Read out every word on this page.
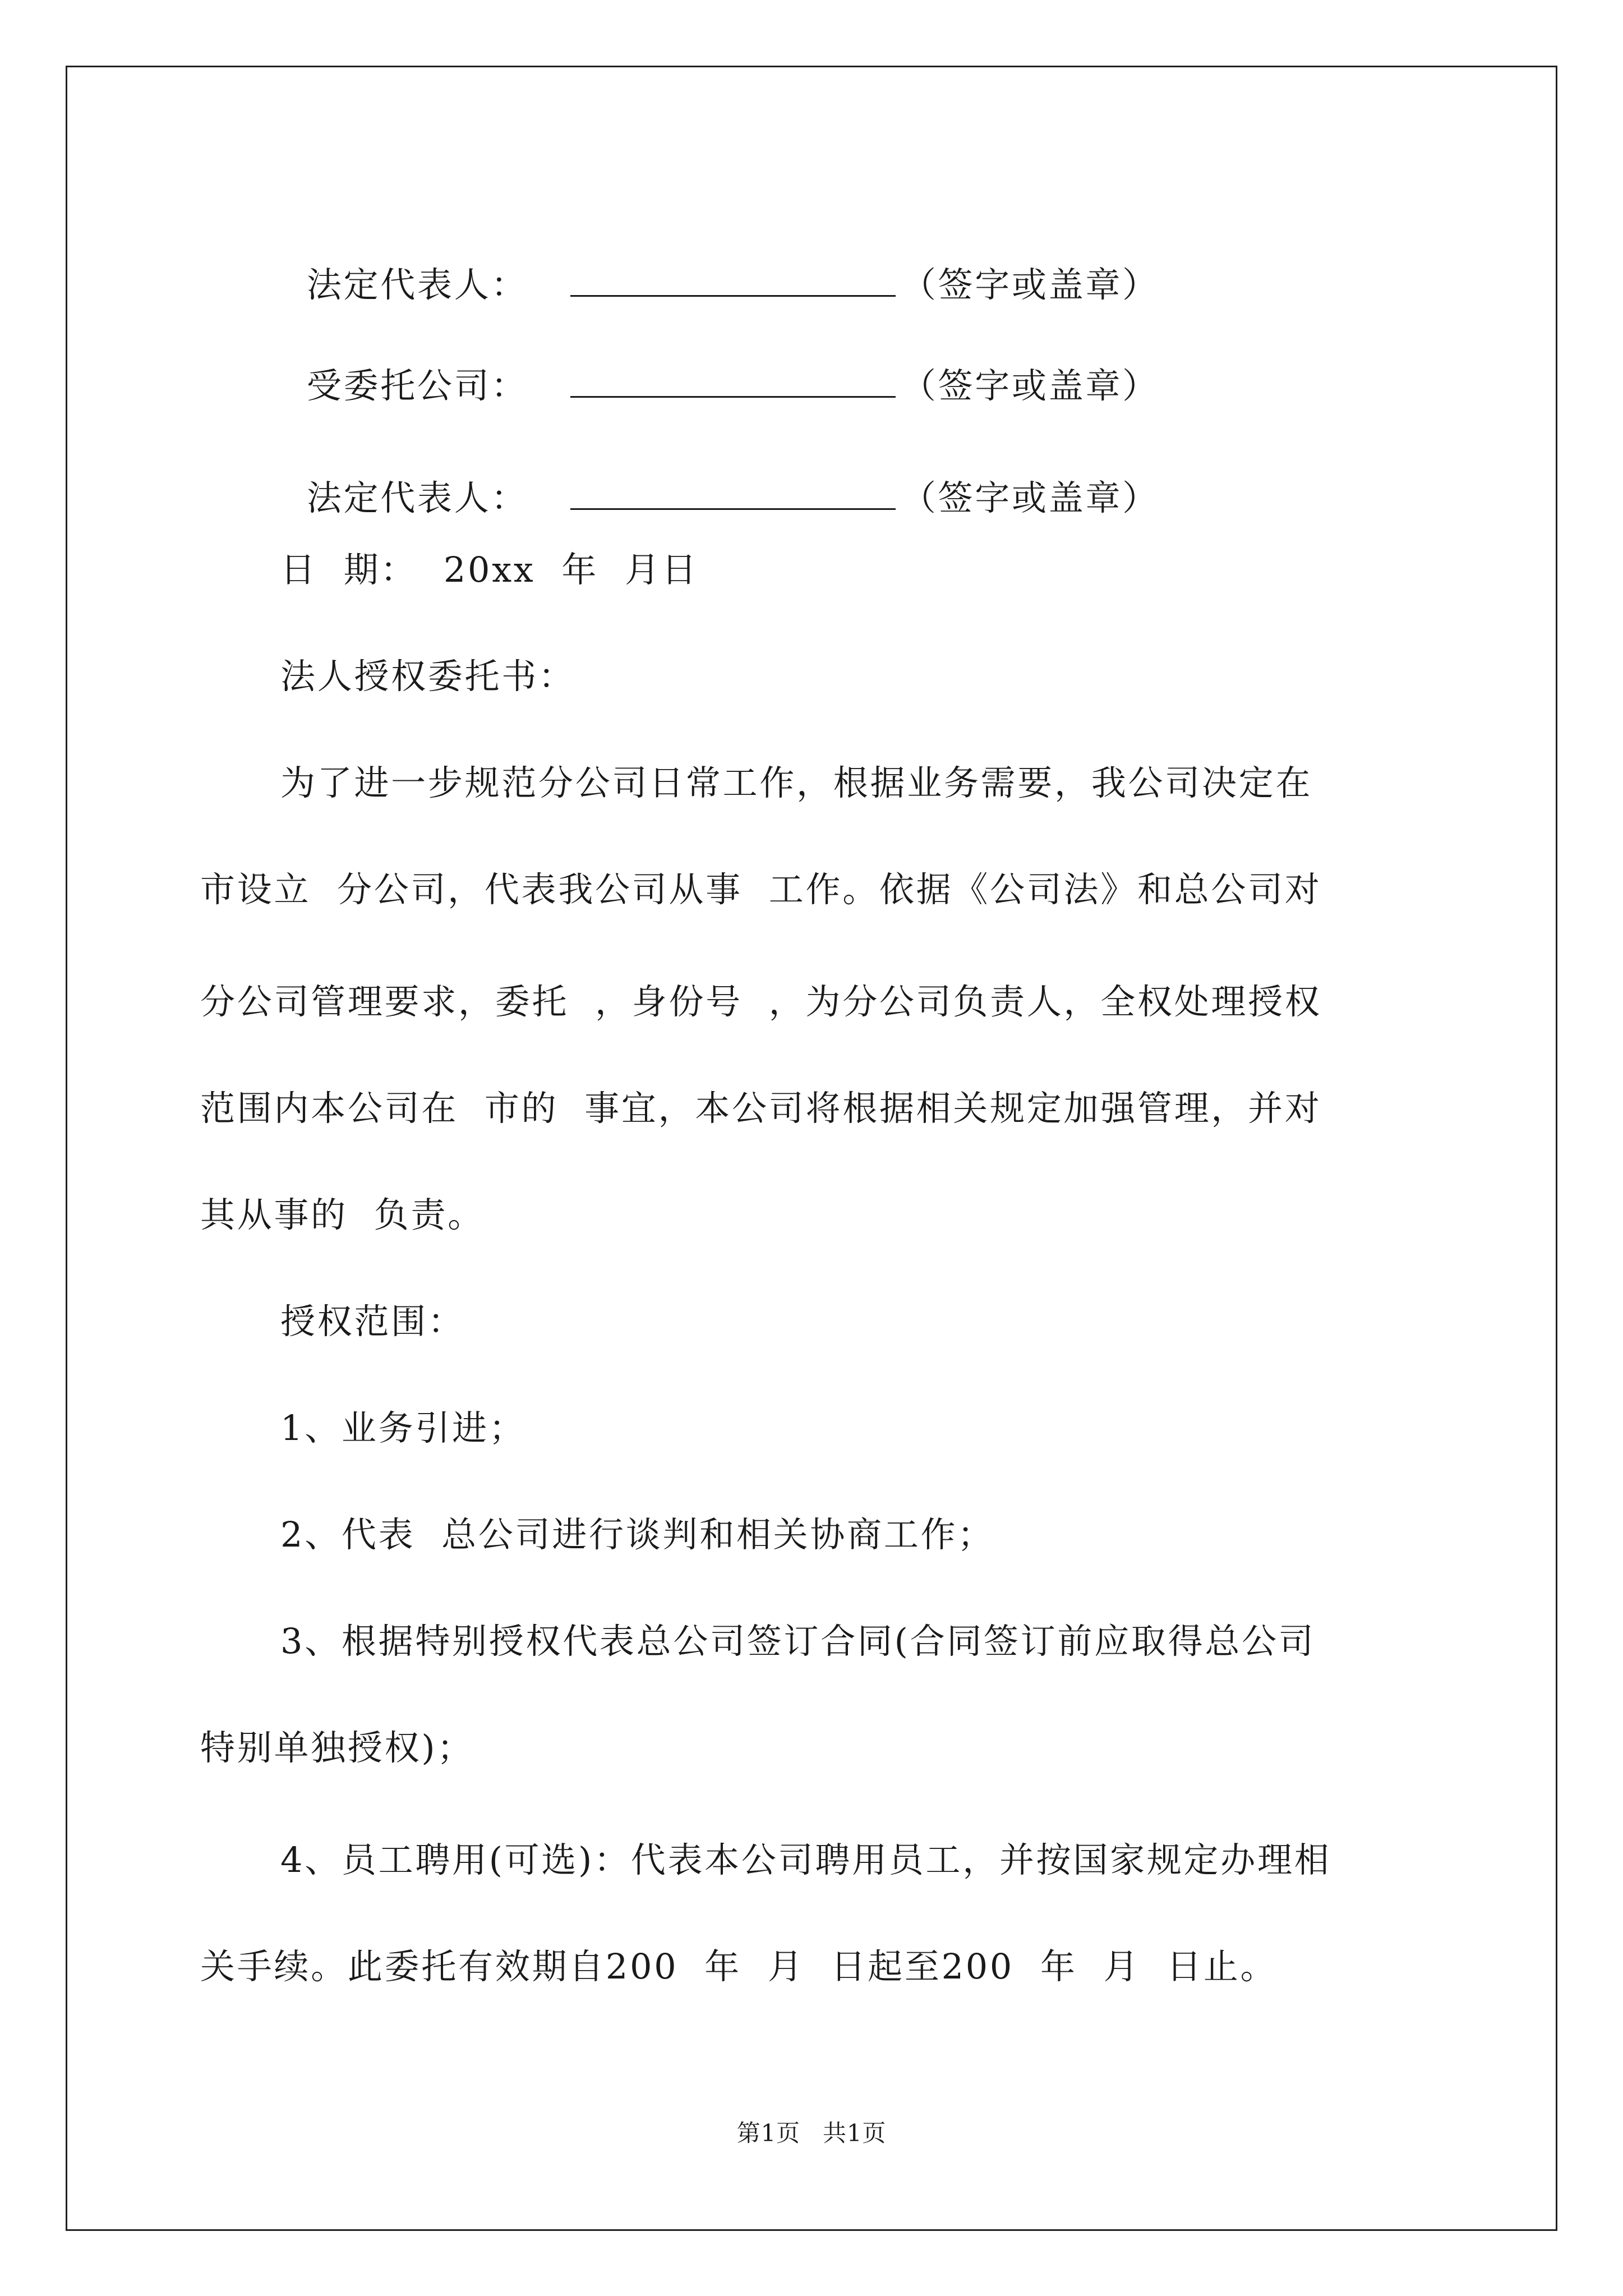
法定代表人：	（签字或盖章）

受委托公司：	（签字或盖章）

法定代表人：	（签字或盖章）

日  期：  20xx  年  月日
法人授权委托书：
为了进一步规范分公司日常工作，根据业务需要，我公司决定在
市设立  分公司，代表我公司从事  工作。依据《公司法》和总公司对
分公司管理要求，委托  ，身份号  ，为分公司负责人，全权处理授权
范围内本公司在  市的  事宜，本公司将根据相关规定加强管理，并对
其从事的  负责。
授权范围：
1、业务引进；
2、代表  总公司进行谈判和相关协商工作；
3、根据特别授权代表总公司签订合同(合同签订前应取得总公司
特别单独授权)；
4、员工聘用(可选)：代表本公司聘用员工，并按国家规定办理相
关手续。此委托有效期自200  年  月  日起至200  年  月  日止。
第1页 共1页
